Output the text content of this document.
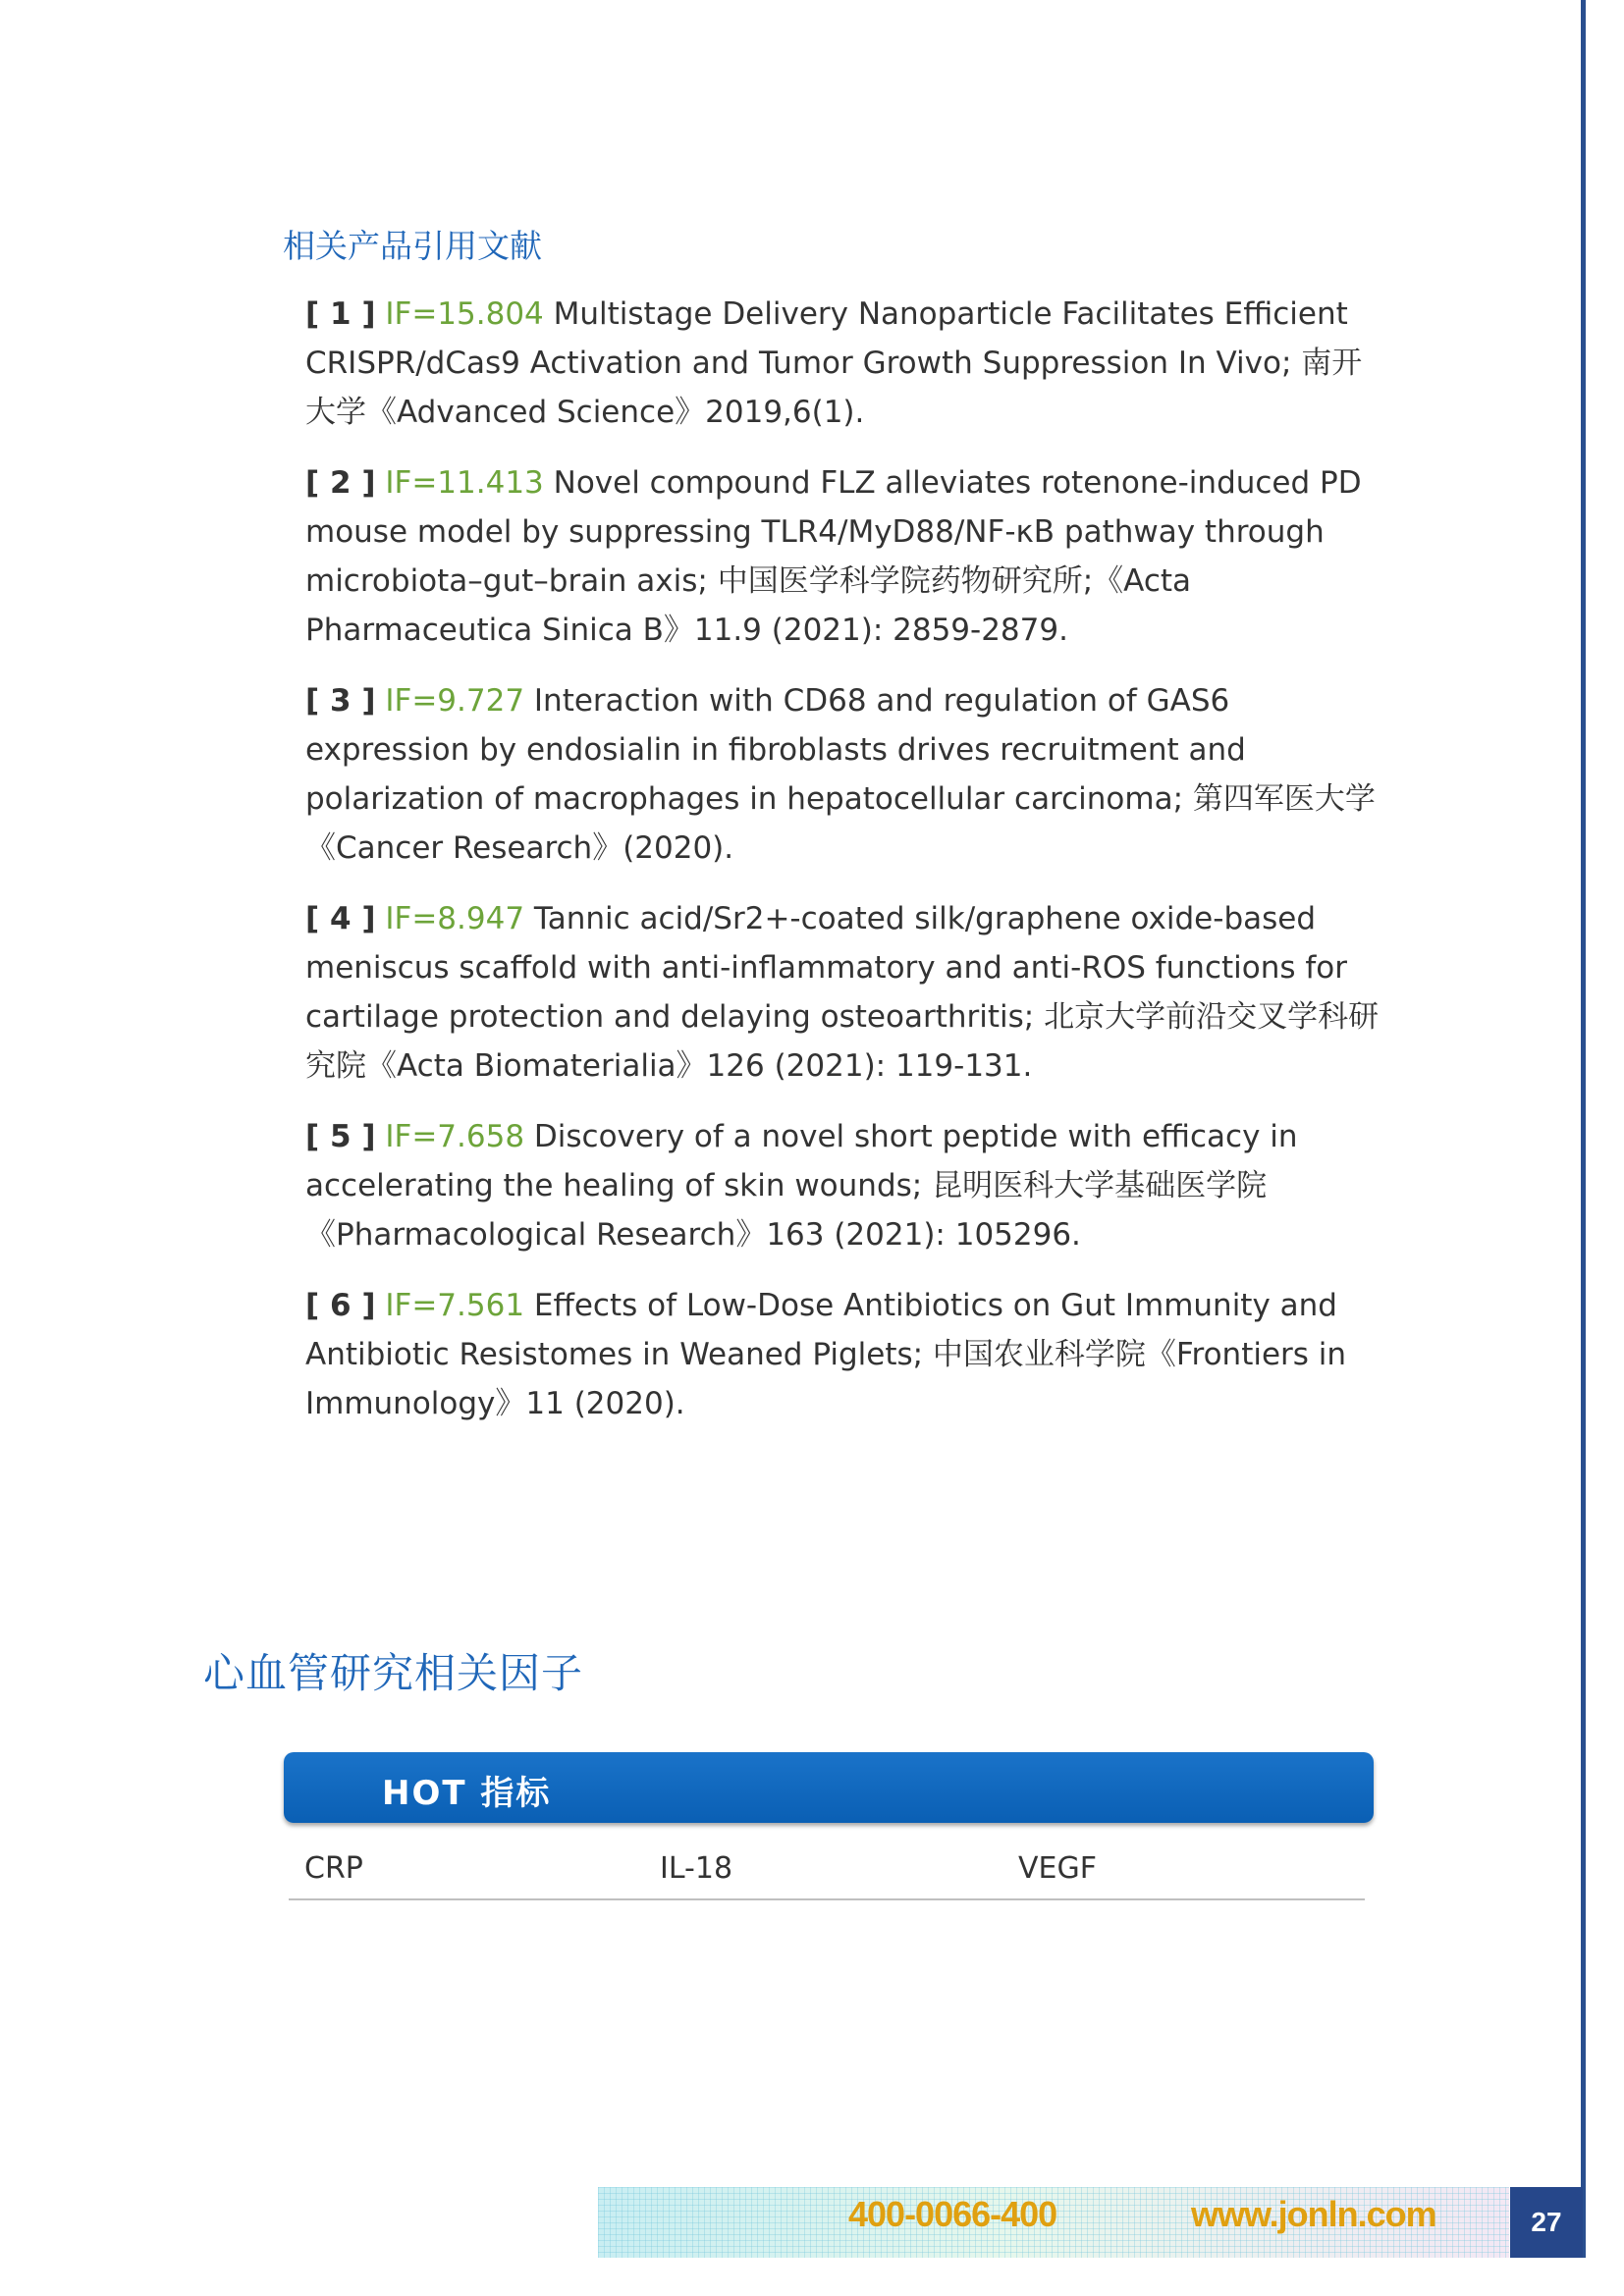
相关产品引用文献
[ 1 ] IF=15.804 Multistage Delivery Nanoparticle Facilitates Efficient CRISPR/dCas9 Activation and Tumor Growth Suppression In Vivo; 南开大学《Advanced Science》2019,6(1).
[ 2 ] IF=11.413 Novel compound FLZ alleviates rotenone-induced PD mouse model by suppressing TLR4/MyD88/NF-κB pathway through microbiota–gut–brain axis; 中国医学科学院药物研究所;《Acta Pharmaceutica Sinica B》11.9 (2021): 2859-2879.
[ 3 ] IF=9.727 Interaction with CD68 and regulation of GAS6 expression by endosialin in fibroblasts drives recruitment and polarization of macrophages in hepatocellular carcinoma; 第四军医大学《Cancer Research》(2020).
[ 4 ] IF=8.947 Tannic acid/Sr2+-coated silk/graphene oxide-based meniscus scaffold with anti-inflammatory and anti-ROS functions for cartilage protection and delaying osteoarthritis; 北京大学前沿交叉学科研究院《Acta Biomaterialia》126 (2021): 119-131.
[ 5 ] IF=7.658 Discovery of a novel short peptide with efficacy in accelerating the healing of skin wounds; 昆明医科大学基础医学院《Pharmacological Research》163 (2021): 105296.
[ 6 ] IF=7.561 Effects of Low-Dose Antibiotics on Gut Immunity and Antibiotic Resistomes in Weaned Piglets; 中国农业科学院《Frontiers in Immunology》11 (2020).
心血管研究相关因子
HOT 指标
CRP	IL-18	VEGF
400-0066-400	www.jonln.com	27
